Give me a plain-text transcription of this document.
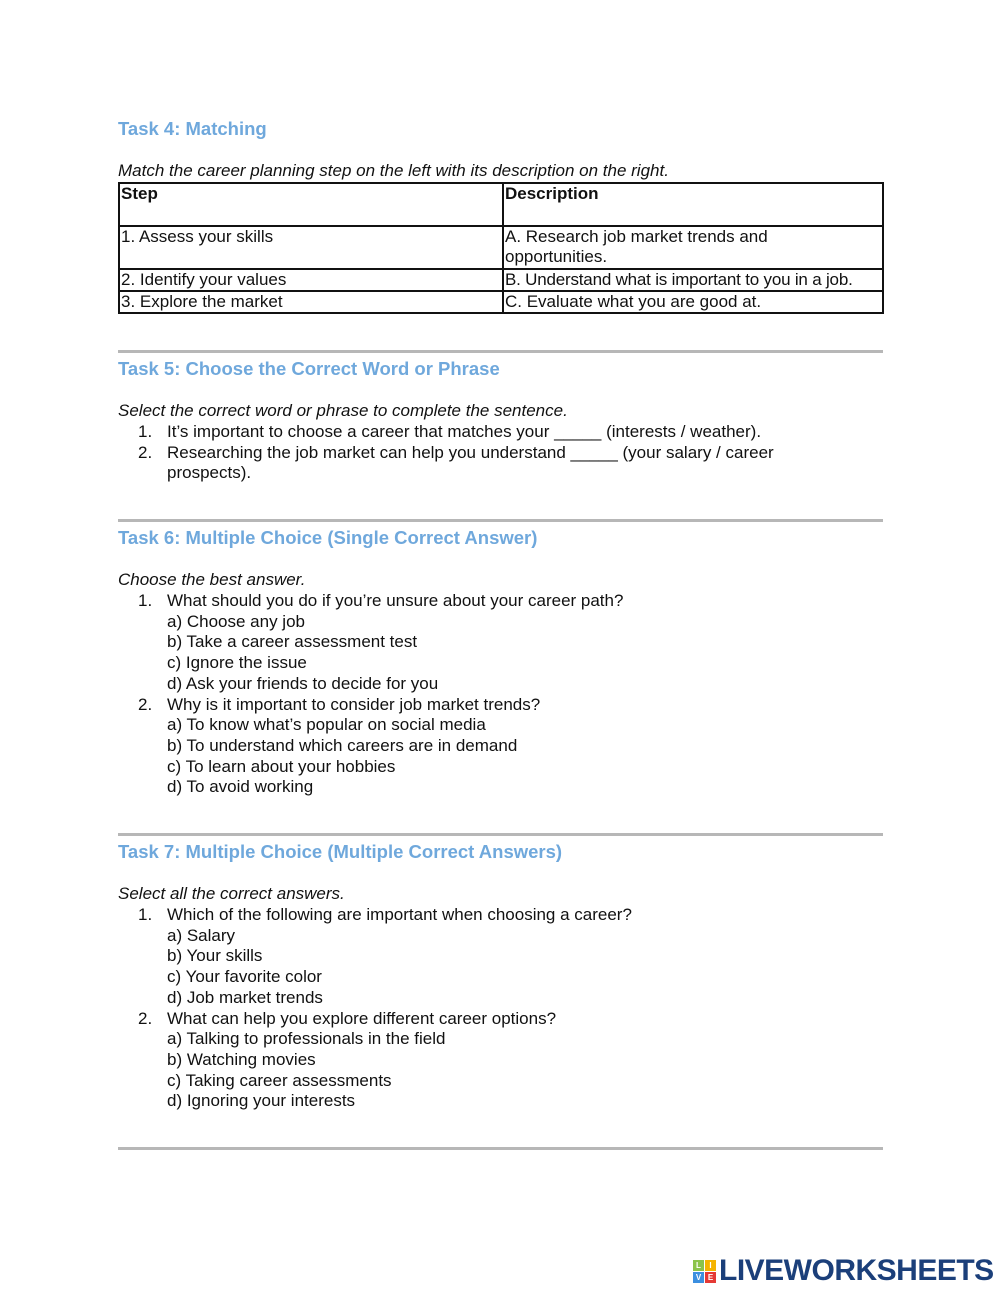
Task 4: Matching
Match the career planning step on the left with its description on the right.
Step	Description
1. Assess your skills	A. Research job market trends and opportunities.
2. Identify your values	B. Understand what is important to you in a job.
3. Explore the market	C. Evaluate what you are good at.
Task 5: Choose the Correct Word or Phrase
Select the correct word or phrase to complete the sentence.
1. It’s important to choose a career that matches your _____ (interests / weather).
2. Researching the job market can help you understand _____ (your salary / career prospects).
Task 6: Multiple Choice (Single Correct Answer)
Choose the best answer.
1. What should you do if you’re unsure about your career path?
a) Choose any job
b) Take a career assessment test
c) Ignore the issue
d) Ask your friends to decide for you
2. Why is it important to consider job market trends?
a) To know what’s popular on social media
b) To understand which careers are in demand
c) To learn about your hobbies
d) To avoid working
Task 7: Multiple Choice (Multiple Correct Answers)
Select all the correct answers.
1. Which of the following are important when choosing a career?
a) Salary
b) Your skills
c) Your favorite color
d) Job market trends
2. What can help you explore different career options?
a) Talking to professionals in the field
b) Watching movies
c) Taking career assessments
d) Ignoring your interests
L	I
V E LIVEWORKSHEETS
